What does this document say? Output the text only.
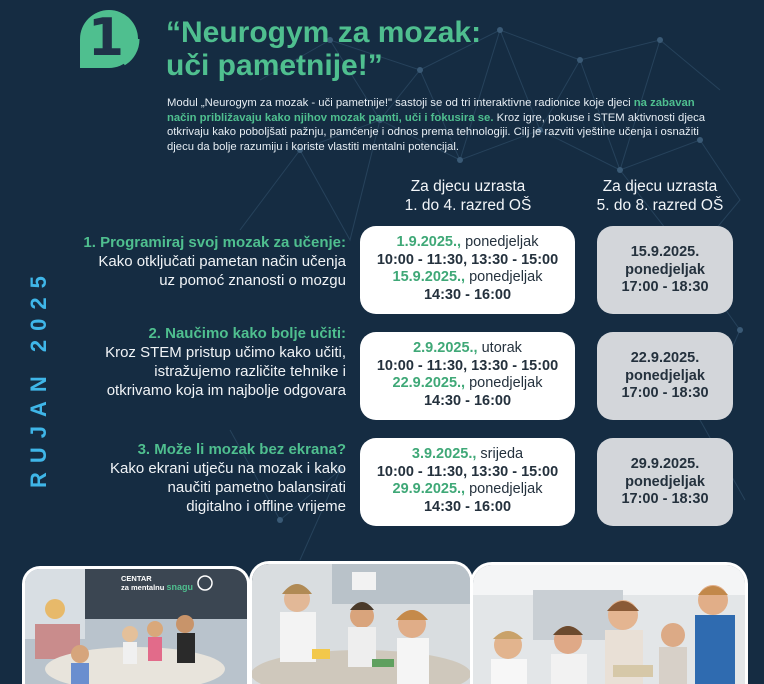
1	“Neurogym za mozak:
uči pametnije!”
Modul „Neurogym za mozak - uči pametnije!" sastoji se od tri interaktivne radionice koje djeci na zabavan način približavaju kako njihov mozak pamti, uči i fokusira se. Kroz igre, pokuse i STEM aktivnosti djeca otkrivaju kako poboljšati pažnju, pamćenje i odnos prema tehnologiji. Cilj je razviti vještine učenja i osnažiti djecu da bolje razumiju i koriste vlastiti mentalni potencijal.
Za djecu uzrasta
1. do 4. razred OŠ
Za djecu uzrasta
5. do 8. razred OŠ
RUJAN 2025
1. Programiraj svoj mozak za učenje:
Kako otključati pametan način učenja
uz pomoć znanosti o mozgu
1.9.2025., ponedjeljak
10:00 - 11:30, 13:30 - 15:00
15.9.2025., ponedjeljak
14:30 - 16:00
15.9.2025.
ponedjeljak
17:00 - 18:30
2. Naučimo kako bolje učiti:
Kroz STEM pristup učimo kako učiti,
istražujemo različite tehnike i
otkrivamo koja im najbolje odgovara
2.9.2025., utorak
10:00 - 11:30, 13:30 - 15:00
22.9.2025., ponedjeljak
14:30 - 16:00
22.9.2025.
ponedjeljak
17:00 - 18:30
3. Može li mozak bez ekrana?
Kako ekrani utječu na mozak i kako
naučiti pametno balansirati
digitalno i offline vrijeme
3.9.2025., srijeda
10:00 - 11:30, 13:30 - 15:00
29.9.2025., ponedjeljak
14:30 - 16:00
29.9.2025.
ponedjeljak
17:00 - 18:30
CENTAR
za mentalnu snagu
